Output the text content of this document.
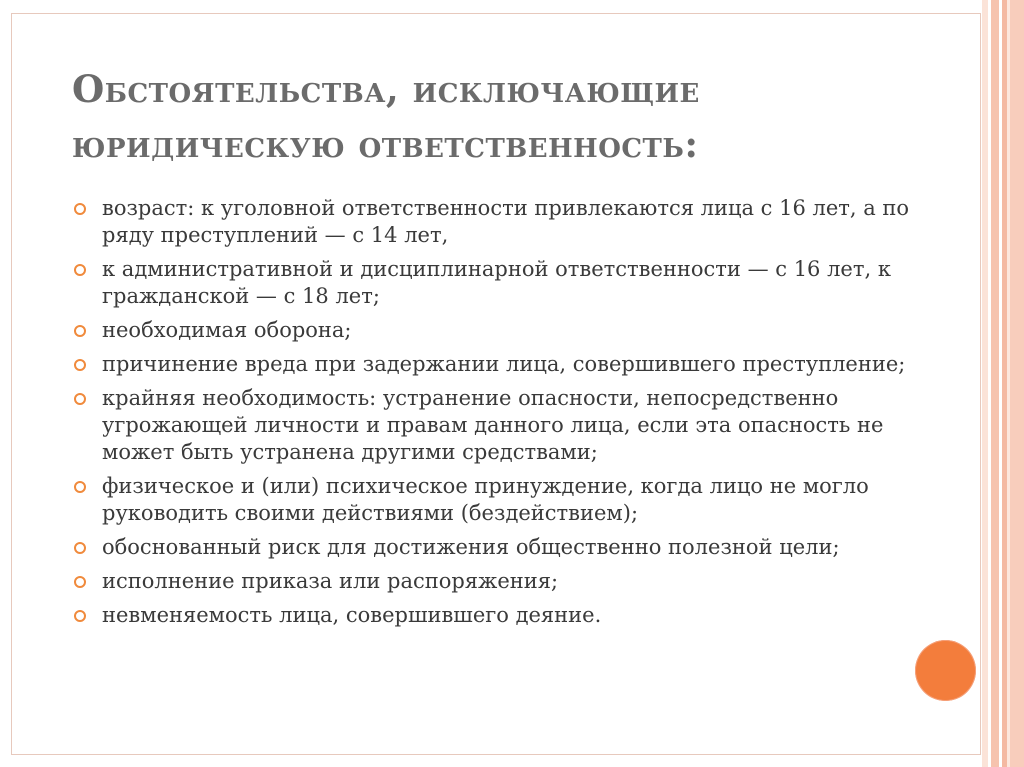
Обстоятельства, исключающие юридическую ответственность:
возраст: к уголовной ответственности привлекаются лица с 16 лет, а по ряду преступлений — с 14 лет,
к административной и дисциплинарной ответственности — с 16 лет, к гражданской — с 18 лет;
необходимая оборона;
причинение вреда при задержании лица, совершившего преступление;
крайняя необходимость: устранение опасности, непосредственно угрожающей личности и правам данного лица, если эта опасность не может быть устранена другими средствами;
физическое и (или) психическое принуждение, когда лицо не могло руководить своими действиями (бездействием);
обоснованный риск для достижения общественно полезной цели;
исполнение приказа или распоряжения;
невменяемость лица, совершившего деяние.
